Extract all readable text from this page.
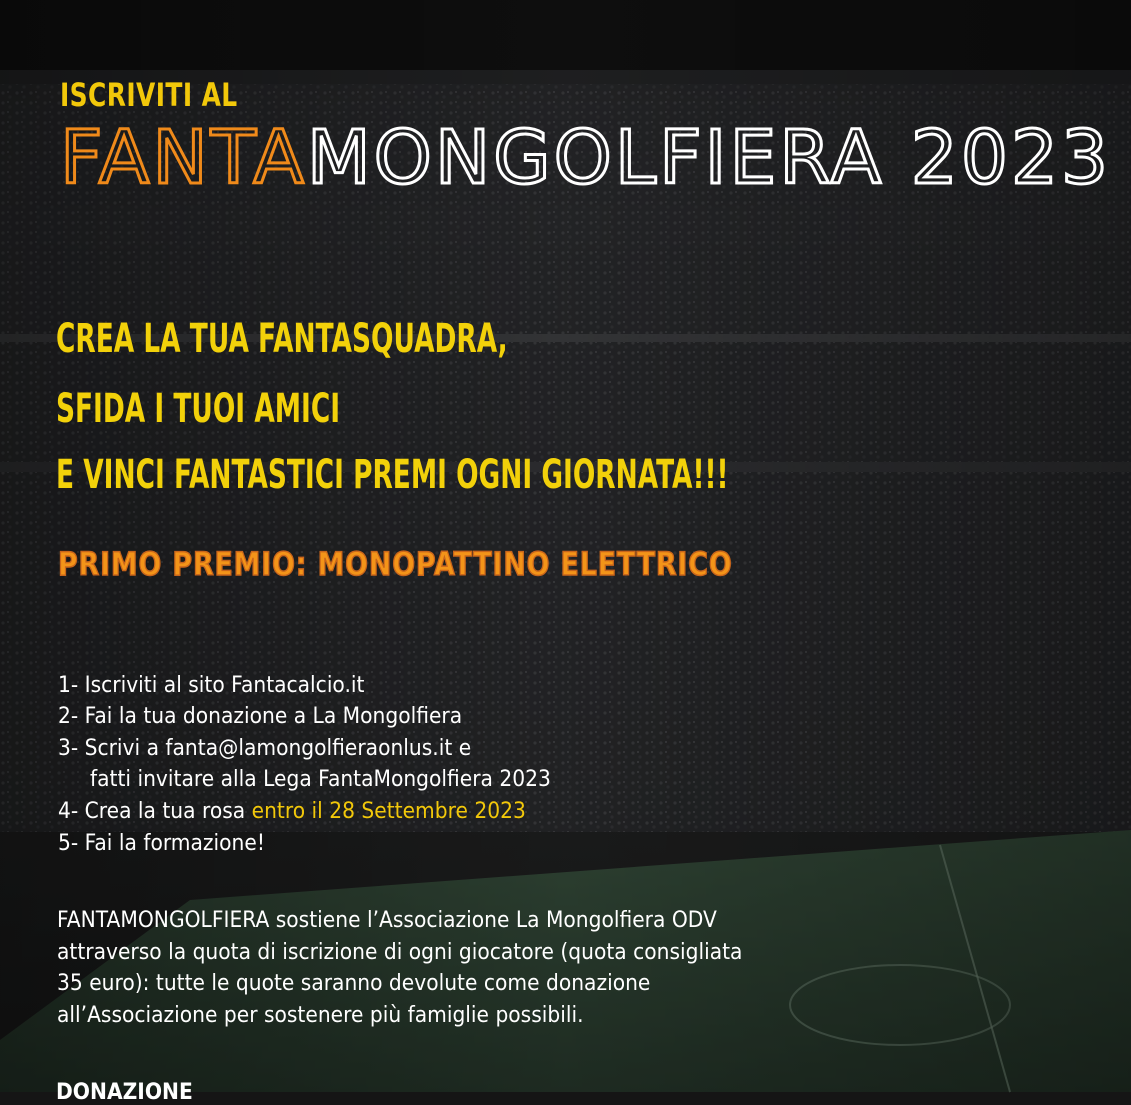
ISCRIVITI AL
FANTAMONGOLFIERA 2023
CREA LA TUA FANTASQUADRA,
SFIDA I TUOI AMICI
E VINCI FANTASTICI PREMI OGNI GIORNATA!!!
PRIMO PREMIO: MONOPATTINO ELETTRICO
1- Iscriviti al sito Fantacalcio.it
2- Fai la tua donazione a La Mongolfiera
3- Scrivi a fanta@lamongolfieraonlus.it e
fatti invitare alla Lega FantaMongolfiera 2023
4- Crea la tua rosa entro il 28 Settembre 2023
5- Fai la formazione!
FANTAMONGOLFIERA sostiene l’Associazione La Mongolfiera ODV
attraverso la quota di iscrizione di ogni giocatore (quota consigliata
35 euro): tutte le quote saranno devolute come donazione
all’Associazione per sostenere più famiglie possibili.
DONAZIONE
